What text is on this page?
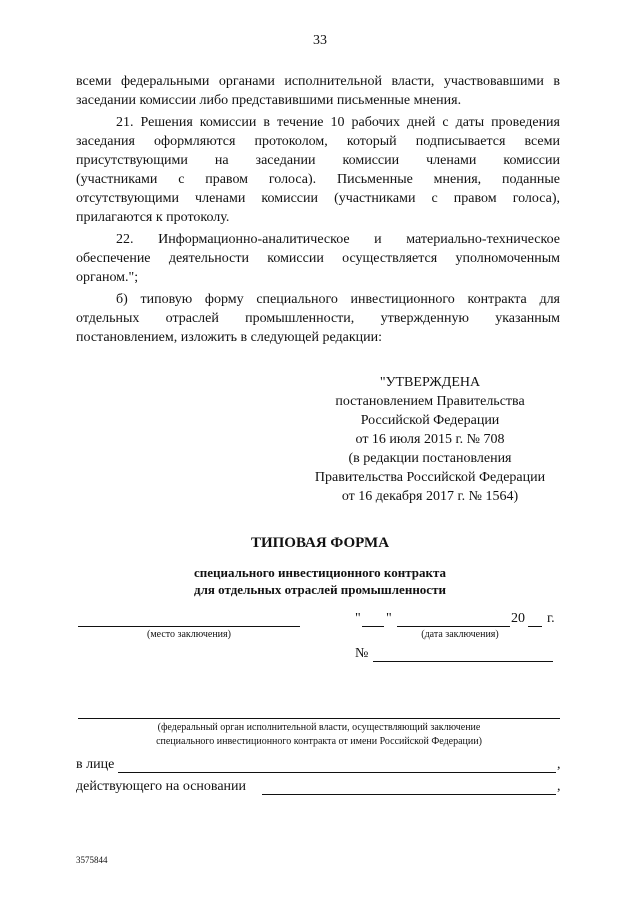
33
всеми федеральными органами исполнительной власти, участвовавшими в
заседании комиссии либо представившими письменные мнения.
21. Решения комиссии в течение 10 рабочих дней с даты проведения
заседания оформляются протоколом, который подписывается всеми
присутствующими на заседании комиссии членами комиссии
(участниками с правом голоса). Письменные мнения, поданные
отсутствующими членами комиссии (участниками с правом голоса),
прилагаются к протоколу.
22. Информационно-аналитическое и материально-техническое
обеспечение деятельности комиссии осуществляется уполномоченным
органом.";
б) типовую форму специального инвестиционного контракта для
отдельных отраслей промышленности, утвержденную указанным
постановлением, изложить в следующей редакции:
"УТВЕРЖДЕНА
постановлением Правительства
Российской Федерации
от 16 июля 2015 г. № 708
(в редакции постановления
Правительства Российской Федерации
от 16 декабря 2017 г. № 1564)
ТИПОВАЯ ФОРМА
специального инвестиционного контракта
для отдельных отраслей промышленности
(место заключения)
" "	20 г.
(дата заключения)
№
(федеральный орган исполнительной власти, осуществляющий заключение
специального инвестиционного контракта от имени Российской Федерации)
в лице	,
действующего на основании	,
3575844
